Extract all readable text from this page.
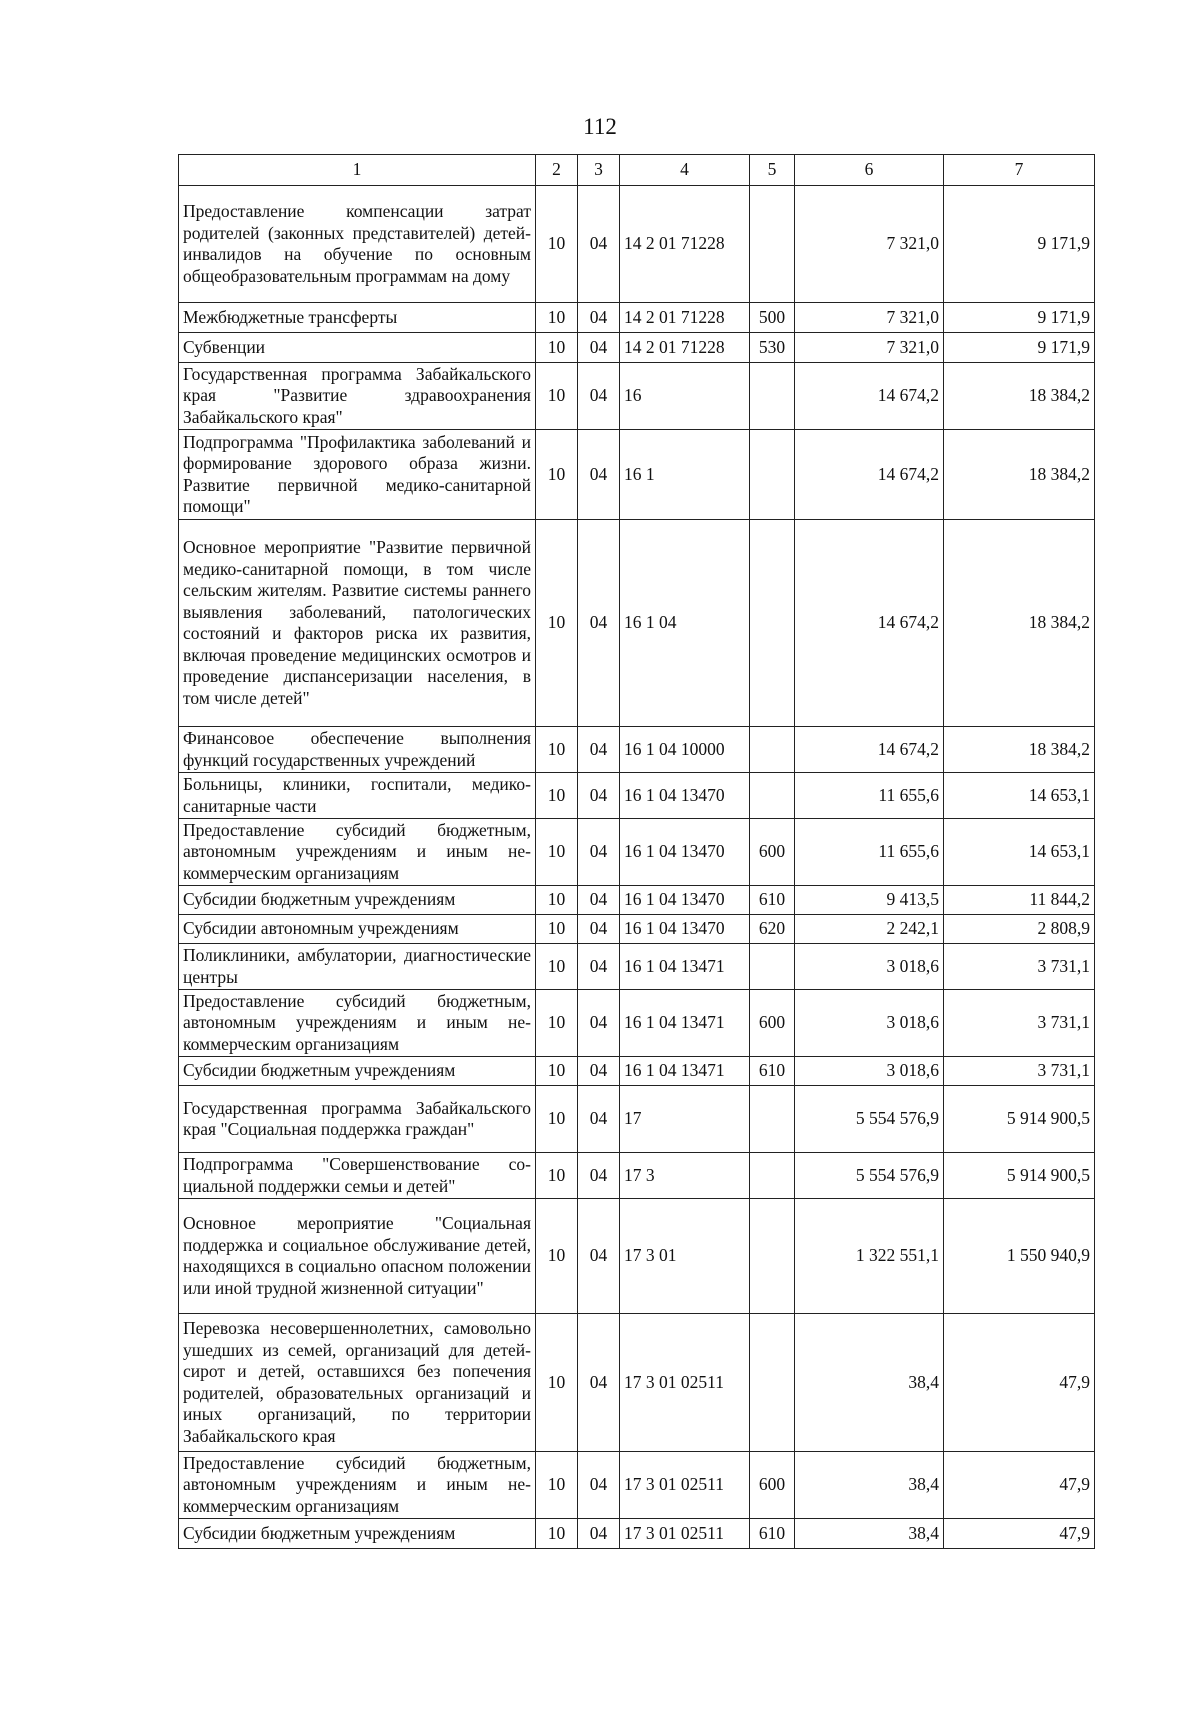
112
1	2	3	4	5	6	7
Предоставление компенсации затрат родителей (законных представителей) детей-инвалидов на обучение по основным общеобразовательным программам на дому	10	04	14 2 01 71228		7 321,0	9 171,9
Межбюджетные трансферты	10	04	14 2 01 71228	500	7 321,0	9 171,9
Субвенции	10	04	14 2 01 71228	530	7 321,0	9 171,9
Государственная программа Забайкальского края "Развитие здравоохранения Забайкальского края"	10	04	16		14 674,2	18 384,2
Подпрограмма "Профилактика заболеваний и формирование здорового образа жизни. Развитие первичной медико-санитарной помощи"	10	04	16 1		14 674,2	18 384,2
Основное мероприятие "Развитие первичной медико-санитарной помощи, в том числе сельским жителям. Развитие системы раннего выявления заболеваний, патологических состояний и факторов риска их развития, включая проведение медицинских осмотров и проведение диспансеризации населения, в том числе детей"	10	04	16 1 04		14 674,2	18 384,2
Финансовое обеспечение выполнения функций государственных учреждений	10	04	16 1 04 10000		14 674,2	18 384,2
Больницы, клиники, госпитали, медико-санитарные части	10	04	16 1 04 13470		11 655,6	14 653,1
Предоставление субсидий бюджетным, автономным учреждениям и иным некоммерческим организациям	10	04	16 1 04 13470	600	11 655,6	14 653,1
Субсидии бюджетным учреждениям	10	04	16 1 04 13470	610	9 413,5	11 844,2
Субсидии автономным учреждениям	10	04	16 1 04 13470	620	2 242,1	2 808,9
Поликлиники, амбулатории, диагностические центры	10	04	16 1 04 13471		3 018,6	3 731,1
Предоставление субсидий бюджетным, автономным учреждениям и иным некоммерческим организациям	10	04	16 1 04 13471	600	3 018,6	3 731,1
Субсидии бюджетным учреждениям	10	04	16 1 04 13471	610	3 018,6	3 731,1
Государственная программа Забайкальского края "Социальная поддержка граждан"	10	04	17		5 554 576,9	5 914 900,5
Подпрограмма "Совершенствование социальной поддержки семьи и детей"	10	04	17 3		5 554 576,9	5 914 900,5
Основное мероприятие "Социальная поддержка и социальное обслуживание детей, находящихся в социально опасном положении или иной трудной жизненной ситуации"	10	04	17 3 01		1 322 551,1	1 550 940,9
Перевозка несовершеннолетних, самовольно ушедших из семей, организаций для детей-сирот и детей, оставшихся без попечения родителей, образовательных организаций и иных организаций, по территории Забайкальского края	10	04	17 3 01 02511		38,4	47,9
Предоставление субсидий бюджетным, автономным учреждениям и иным некоммерческим организациям	10	04	17 3 01 02511	600	38,4	47,9
Субсидии бюджетным учреждениям	10	04	17 3 01 02511	610	38,4	47,9
